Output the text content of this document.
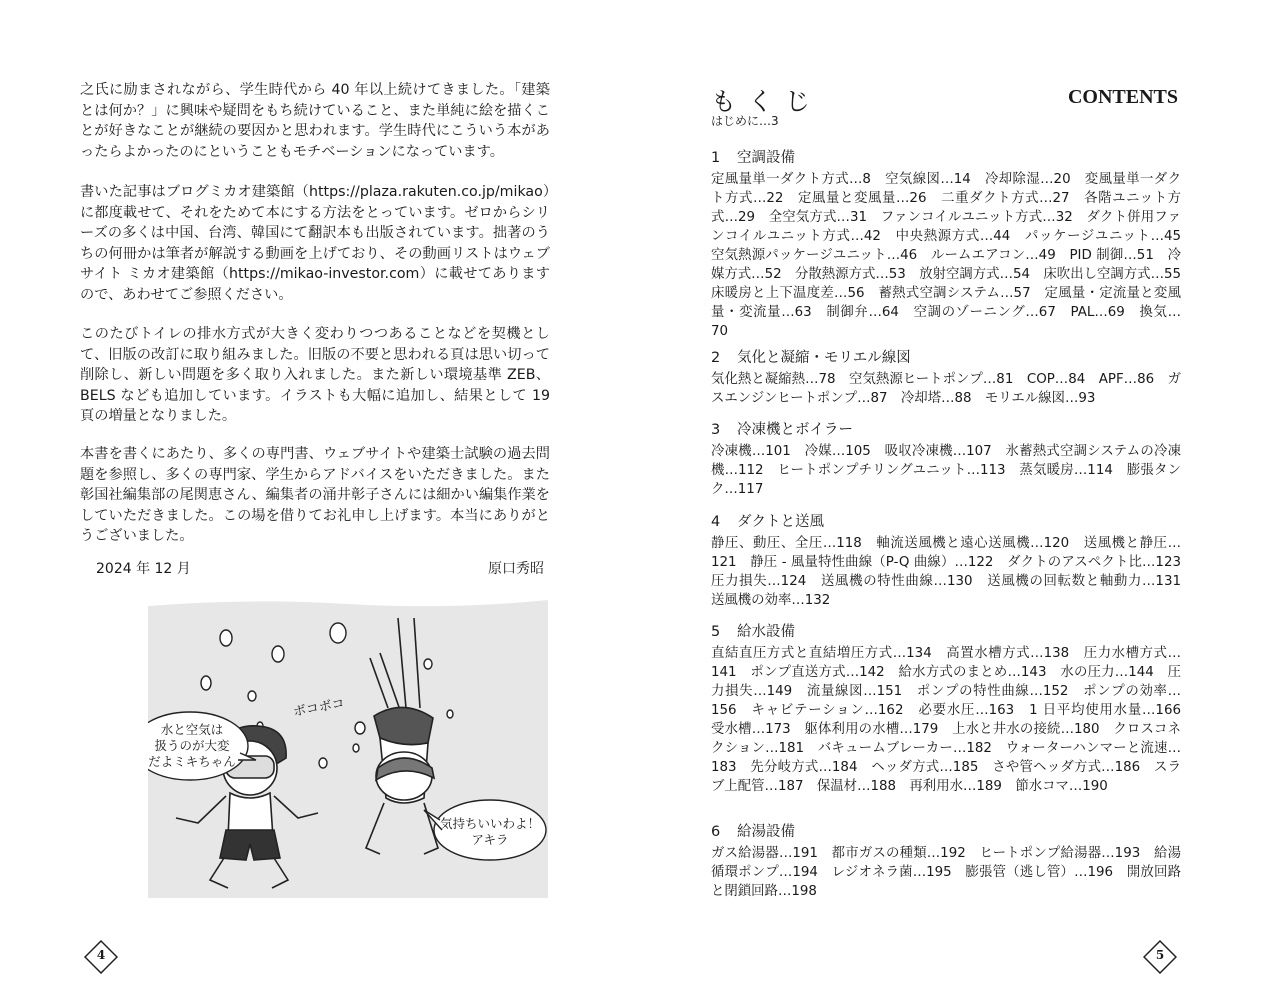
之氏に励まされながら、学生時代から 40 年以上続けてきました。「建築とは何か？」に興味や疑問をもち続けていること、また単純に絵を描くことが好きなことが継続の要因かと思われます。学生時代にこういう本があったらよかったのにということもモチベーションになっています。

書いた記事はブログミカオ建築館（https://plaza.rakuten.co.jp/mikao）に都度載せて、それをためて本にする方法をとっています。ゼロからシリーズの多くは中国、台湾、韓国にて翻訳本も出版されています。拙著のうちの何冊かは筆者が解説する動画を上げており、その動画リストはウェブサイト ミカオ建築館（https://mikao-investor.com）に載せてありますので、あわせてご参照ください。

このたびトイレの排水方式が大きく変わりつつあることなどを契機として、旧版の改訂に取り組みました。旧版の不要と思われる頁は思い切って削除し、新しい問題を多く取り入れました。また新しい環境基準 ZEB、BELS なども追加しています。イラストも大幅に追加し、結果として 19 頁の増量となりました。

本書を書くにあたり、多くの専門書、ウェブサイトや建築士試験の過去問題を参照し、多くの専門家、学生からアドバイスをいただきました。また彰国社編集部の尾関恵さん、編集者の涌井彰子さんには細かい編集作業をしていただきました。この場を借りてお礼申し上げます。本当にありがとうございました。

2024 年 12 月	原口秀昭
ボコボコ
水と空気は
扱うのが大変
だよミキちゃん
気持ちいいわよ！
アキラ
4
もくじ	CONTENTS
はじめに…3
1 空調設備

定風量単一ダクト方式…8　空気線図…14　冷却除湿…20　変風量単一ダクト方式…22　定風量と変風量…26　二重ダクト方式…27　各階ユニット方式…29　全空気方式…31　ファンコイルユニット方式…32　ダクト併用ファンコイルユニット方式…42　中央熱源方式…44　パッケージユニット…45　空気熱源パッケージユニット…46　ルームエアコン…49　PID 制御…51　冷媒方式…52　分散熱源方式…53　放射空調方式…54　床吹出し空調方式…55　床暖房と上下温度差…56　蓄熱式空調システム…57　定風量・定流量と変風量・変流量…63　制御弁…64　空調のゾーニング…67　PAL…69　換気…70

2 気化と凝縮・モリエル線図

気化熱と凝縮熱…78　空気熱源ヒートポンプ…81　COP…84　APF…86　ガスエンジンヒートポンプ…87　冷却塔…88　モリエル線図…93

3 冷凍機とボイラー

冷凍機…101　冷媒…105　吸収冷凍機…107　氷蓄熱式空調システムの冷凍機…112　ヒートポンプチリングユニット…113　蒸気暖房…114　膨張タンク…117

4 ダクトと送風

静圧、動圧、全圧…118　軸流送風機と遠心送風機…120　送風機と静圧…121　静圧 - 風量特性曲線（P-Q 曲線）…122　ダクトのアスペクト比…123　圧力損失…124　送風機の特性曲線…130　送風機の回転数と軸動力…131　送風機の効率…132

5 給水設備

直結直圧方式と直結増圧方式…134　高置水槽方式…138　圧力水槽方式…141　ポンプ直送方式…142　給水方式のまとめ…143　水の圧力…144　圧力損失…149　流量線図…151　ポンプの特性曲線…152　ポンプの効率…156　キャビテーション…162　必要水圧…163　1 日平均使用水量…166　受水槽…173　躯体利用の水槽…179　上水と井水の接続…180　クロスコネクション…181　バキュームブレーカー…182　ウォーターハンマーと流速…183　先分岐方式…184　ヘッダ方式…185　さや管ヘッダ方式…186　スラブ上配管…187　保温材…188　再利用水…189　節水コマ…190

6 給湯設備

ガス給湯器…191　都市ガスの種類…192　ヒートポンプ給湯器…193　給湯循環ポンプ…194　レジオネラ菌…195　膨張管（逃し管）…196　開放回路と閉鎖回路…198

5
